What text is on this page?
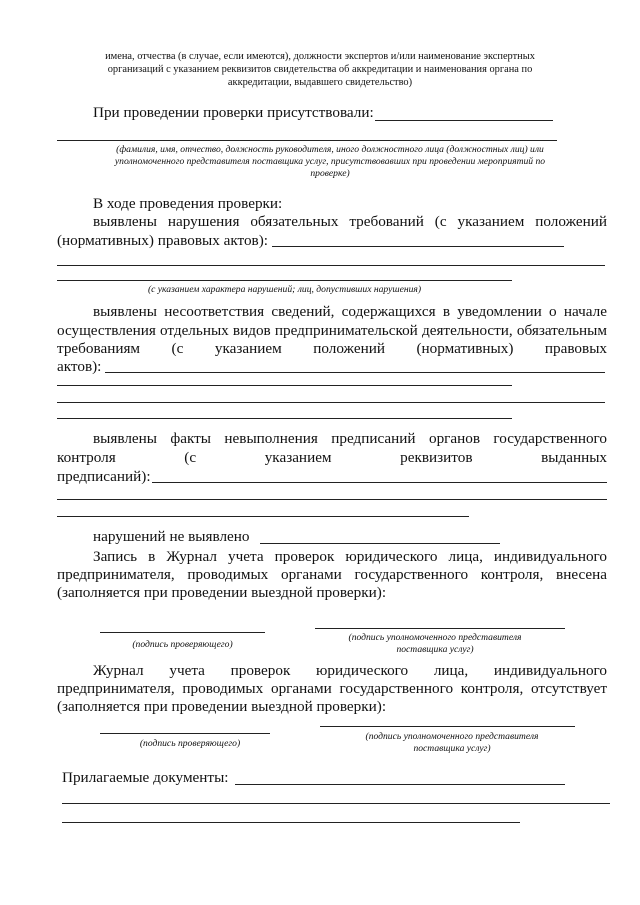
имена, отчества (в случае, если имеются), должности экспертов и/или наименование экспертных
организаций с указанием реквизитов свидетельства об аккредитации и наименования органа по
аккредитации, выдавшего свидетельство)
При проведении проверки присутствовали:
(фамилия, имя, отчество, должность руководителя, иного должностного лица (должностных лиц) или
уполномоченного представителя поставщика услуг, присутствовавших при проведении мероприятий по
проверке)
В ходе проведения проверки:
выявлены нарушения обязательных требований (с указанием положений
(нормативных) правовых актов):
(с указанием характера нарушений; лиц, допустивших нарушения)
выявлены несоответствия сведений, содержащихся в уведомлении о начале
осуществления отдельных видов предпринимательской деятельности, обязательным
требованиям (с указанием положений (нормативных) правовых
актов):
выявлены факты невыполнения предписаний органов государственного
контроля (с указанием реквизитов выданных
предписаний):
нарушений не выявлено
Запись в Журнал учета проверок юридического лица, индивидуального
предпринимателя, проводимых органами государственного контроля, внесена
(заполняется при проведении выездной проверки):
(подпись проверяющего)
(подпись уполномоченного представителя
поставщика услуг)
Журнал учета проверок юридического лица, индивидуального
предпринимателя, проводимых органами государственного контроля, отсутствует
(заполняется при проведении выездной проверки):
(подпись проверяющего)
(подпись уполномоченного представителя
поставщика услуг)
Прилагаемые документы:
